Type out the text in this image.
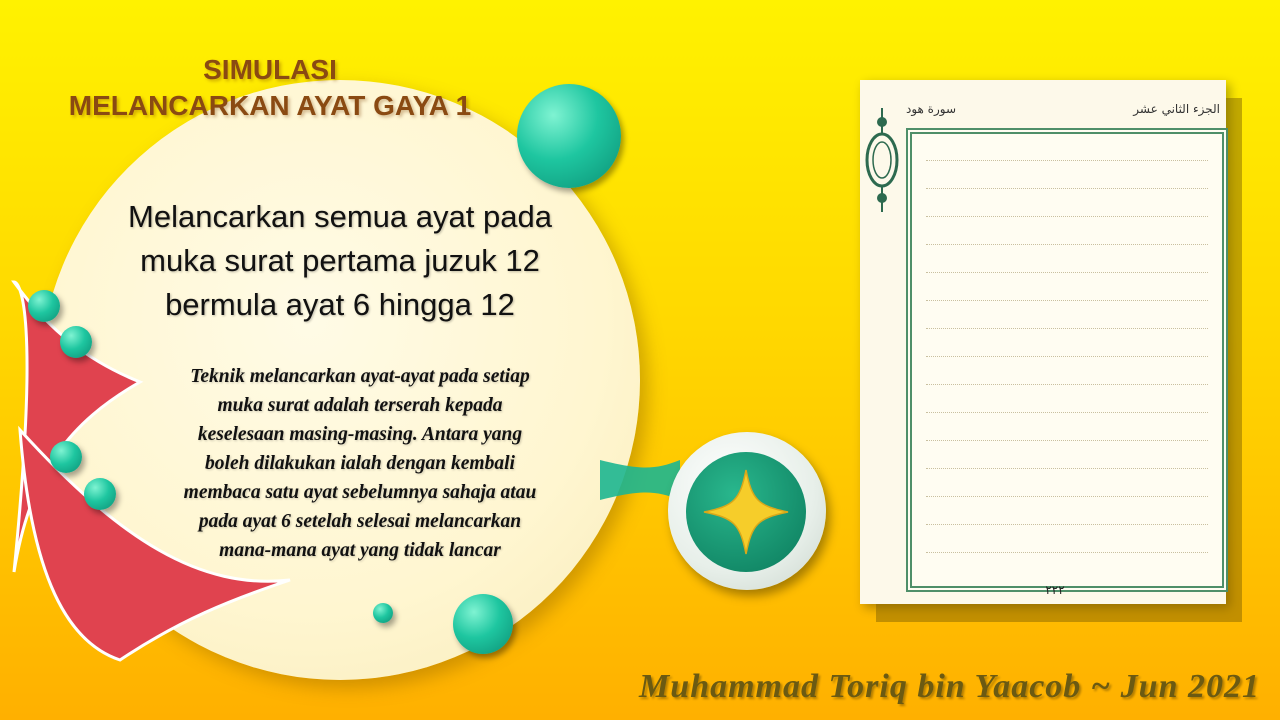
SIMULASI
MELANCARKAN AYAT GAYA 1
Melancarkan semua ayat pada
muka surat pertama juzuk 12
bermula ayat 6 hingga 12
Teknik melancarkan ayat-ayat pada setiap
muka surat adalah terserah kepada
keselesaan masing-masing. Antara yang
boleh dilakukan ialah dengan kembali
membaca satu ayat sebelumnya sahaja atau
pada ayat 6 setelah selesai melancarkan
mana-mana ayat yang tidak lancar
سورة هود	الجزء الثاني عشر
٢٢٢
Muhammad Toriq bin Yaacob ~ Jun 2021
